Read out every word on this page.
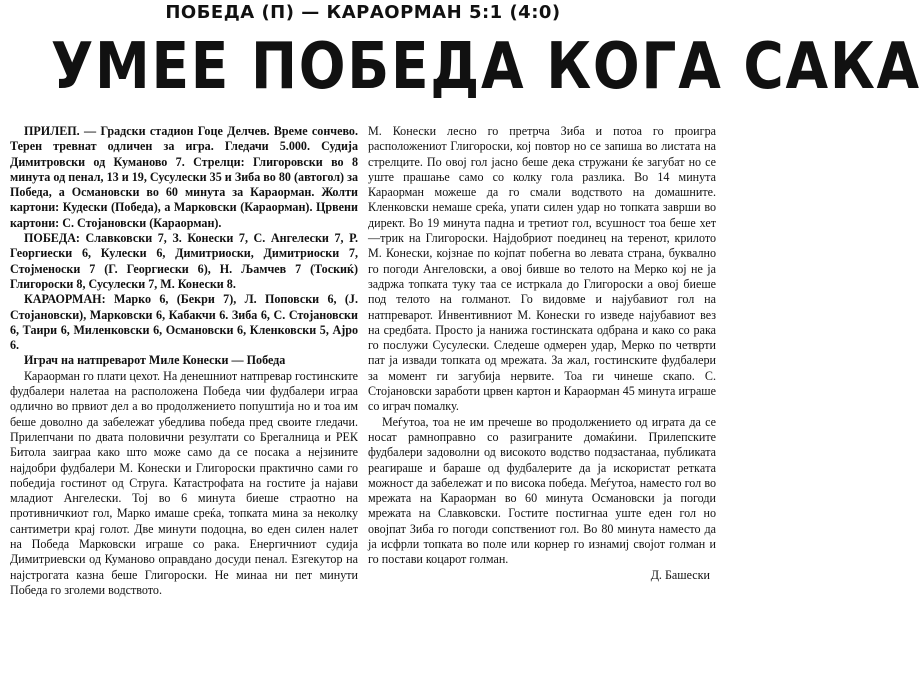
ПОБЕДА (П) — КАРАОРМАН 5:1 (4:0)
УМЕЕ ПОБЕДА КОГА САКА

ПРИЛЕП. — Градски стадион Гоце Делчев. Време сончево. Терен тревнат одличен за игра. Гледачи 5.000. Судија Димитровски од Куманово 7. Стрелци: Глигоровски во 8 минута од пенал, 13 и 19, Сусулески 35 и Зиба во 80 (автогол) за Победа, а Османовски во 60 минута за Караорман. Жолти картони: Кудески (Победа), а Марковски (Караорман). Црвени картони: С. Стојановски (Караорман).

ПОБЕДА: Славковски 7, З. Конески 7, С. Ангелески 7, Р. Георгиески 6, Кулески 6, Димитриоски, Димитриоски 7, Стојменоски 7 (Г. Георгиески 6), Н. Љамчев 7 (Тоскиќ) Глигороски 8, Сусулески 7, М. Конески 8.

КАРАОРМАН: Марко 6, (Бекри 7), Л. Поповски 6, (Ј. Стојановски), Марковски 6, Кабакчи 6. Зиба 6, С. Стојановски 6, Таири 6, Миленковски 6, Османовски 6, Кленковски 5, Ајро 6.

Играч на натпреварот Миле Конески — Победа

Караорман го плати цехот. На денешниот натпревар гостинските фудбалери налетаа на расположена Победа чии фудбалери играа одлично во првиот дел а во продолжението попуштија но и тоа им беше доволно да забележат убедлива победа пред своите гледачи. Прилепчани по двата половични резултати со Брегалница и РЕК Битола заиграа како што може само да се посака а нејзините најдобри фудбалери М. Конески и Глигороски практично сами го победија гостинот од Струга. Катастрофата на гостите ја најави младиот Ангелески. Тој во 6 минута биеше страотно на противничкиот гол, Марко имаше среќа, топката мина за неколку сантиметри крај голот. Две минути подоцна, во еден силен налет на Победа Марковски играше со рака. Енергичниот судија Димитриевски од Куманово оправдано досуди пенал. Езгекутор на најстрогата казна беше Глигороски. Не минаа ни пет минути Победа го зголеми водството.

М. Конески лесно го претрча Зиба и потоа го проигра расположениот Глигороски, кој повтор но се запиша во листата на стрелците. По овој гол јасно беше дека стружани ќе загубат но се уште прашање само со колку гола разлика. Во 14 минута Караорман можеше да го смали водството на домашните. Кленковски немаше среќа, упати силен удар но топката заврши во директ. Во 19 минута падна и третиот гол, всушност тоа беше хет—трик на Глигороски. Најдобриот поединец на теренот, крилото М. Конески, којзнае по којпат побегна во левата страна, буквално го погоди Ангеловски, а овој бившe во телото на Мерко кој не ја задржа топката тукy таа се истркала до Глигороски а овој биеше под телото на голманот. Го видовме и најубавиот гол на натпреварот. Инвентивниот М. Конески го изведе најубавиот вез на средбата. Просто ја нанижа гостинската одбрана и како со рака го послужи Сусулески. Следеше одмерен удар, Мерко по четврти пат ја извади топката од мрежата. За жал, гостинските фудбалери за момент ги загубија нервите. Тоа ги чинеше скапо. С. Стојановски заработи црвен картон и Караорман 45 минута играше со играч помалку.

Меѓутоа, тоа не им пречеше во продолжението од играта да се носат рамноправно со разиграните домаќини. Прилепските фудбалери задоволни од високото водство подзастанаа, публиката реагираше и бараше од фудбалерите да ја искористат реткaта можност да забележат и по висока победа. Меѓутоа, наместо гол во мрежата на Караорман во 60 минута Османовски ја погоди мрежата на Славковски. Гостите постигнаа уште еден гол но овојпат Зиба го погоди сопствениот гол. Во 80 минута наместо да ја исфрли топката во поле или корнер го изнамиj својот голман и го постави коцарот голман.

Д. Башески
